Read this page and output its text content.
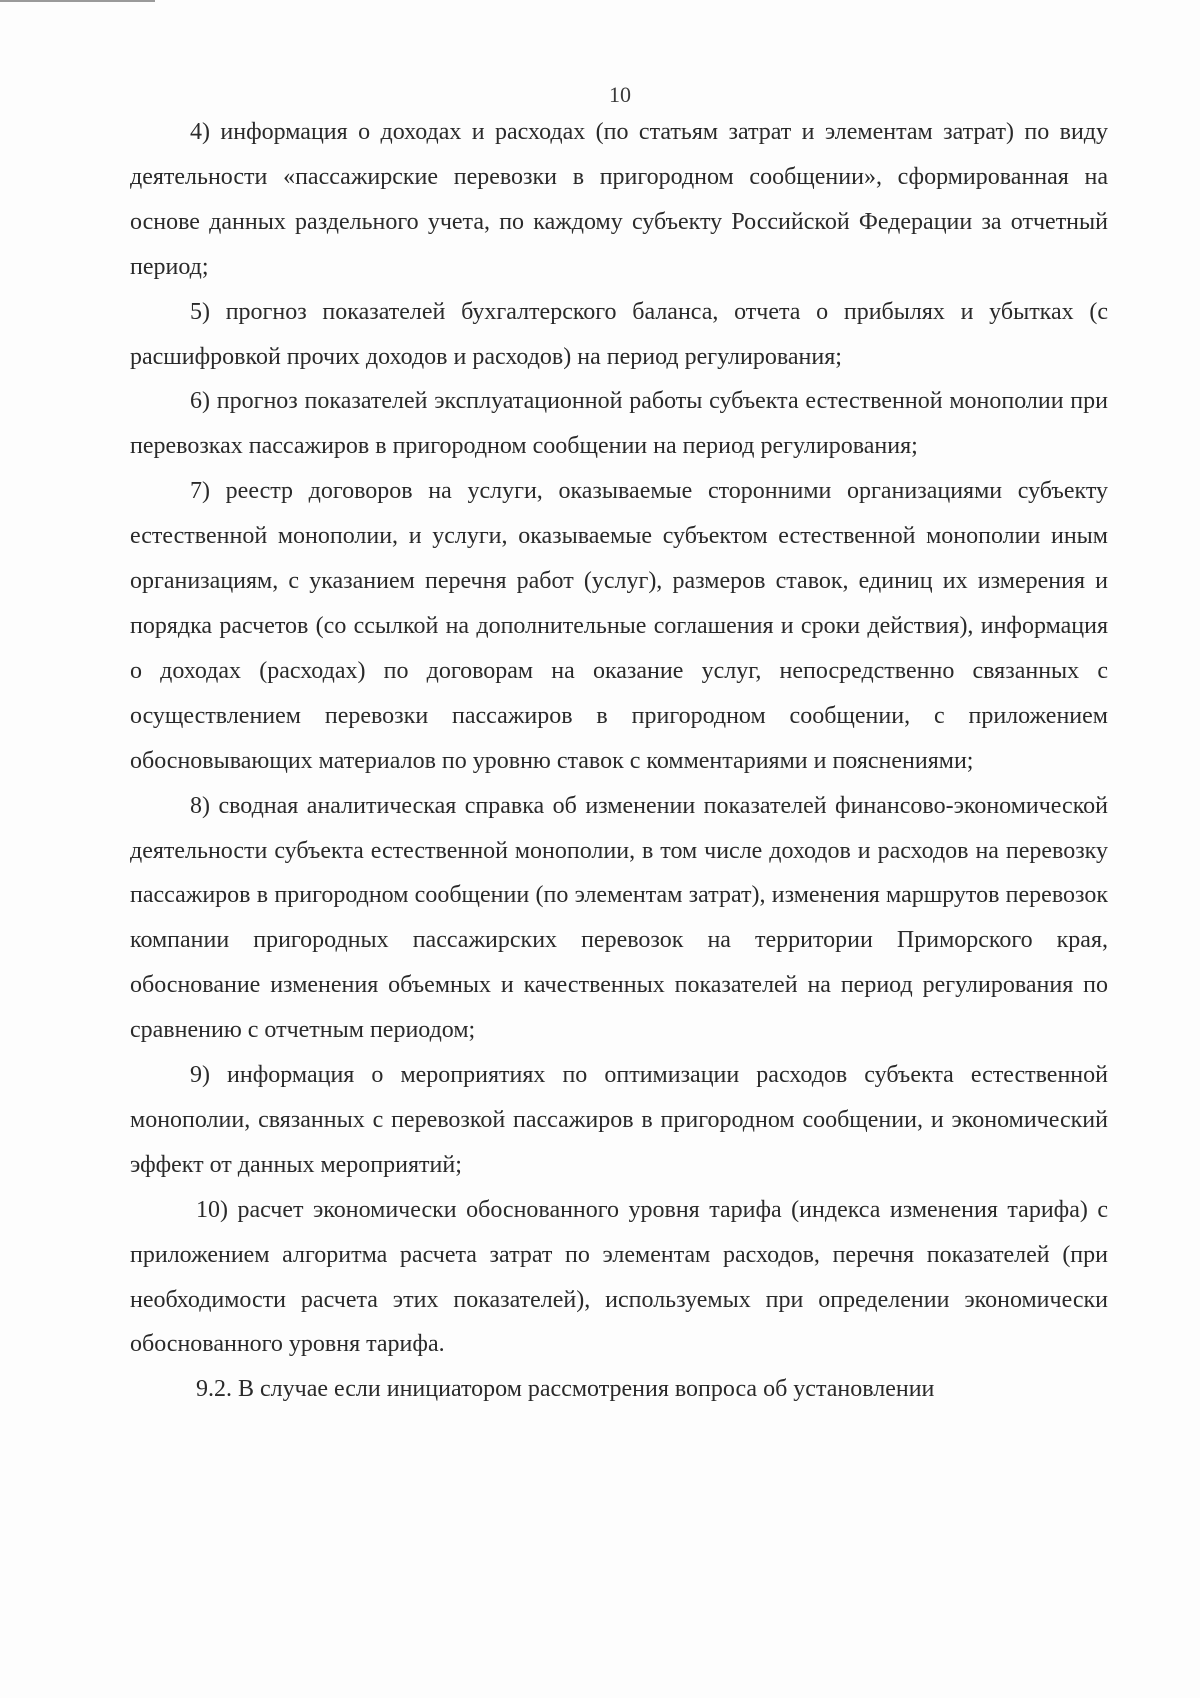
10

4) информация о доходах и расходах (по статьям затрат и элементам затрат) по виду деятельности «пассажирские перевозки в пригородном сообщении», сформированная на основе данных раздельного учета, по каждому субъекту Российской Федерации за отчетный период;

5) прогноз показателей бухгалтерского баланса, отчета о прибылях и убытках (с расшифровкой прочих доходов и расходов) на период регулирования;

6) прогноз показателей эксплуатационной работы субъекта естественной монополии при перевозках пассажиров в пригородном сообщении на период регулирования;

7) реестр договоров на услуги, оказываемые сторонними организациями субъекту естественной монополии, и услуги, оказываемые субъектом естественной монополии иным организациям, с указанием перечня работ (услуг), размеров ставок, единиц их измерения и порядка расчетов (со ссылкой на дополнительные соглашения и сроки действия), информация о доходах (расходах) по договорам на оказание услуг, непосредственно связанных с осуществлением перевозки пассажиров в пригородном сообщении, с приложением обосновывающих материалов по уровню ставок с комментариями и пояснениями;

8) сводная аналитическая справка об изменении показателей финансово-экономической деятельности субъекта естественной монополии, в том числе доходов и расходов на перевозку пассажиров в пригородном сообщении (по элементам затрат), изменения маршрутов перевозок компании пригородных пассажирских перевозок на территории Приморского края, обоснование изменения объемных и качественных показателей на период регулирования по сравнению с отчетным периодом;

9) информация о мероприятиях по оптимизации расходов субъекта естественной монополии, связанных с перевозкой пассажиров в пригородном сообщении, и экономический эффект от данных мероприятий;

10) расчет экономически обоснованного уровня тарифа (индекса изменения тарифа) с приложением алгоритма расчета затрат по элементам расходов, перечня показателей (при необходимости расчета этих показателей), используемых при определении экономически обоснованного уровня тарифа.

9.2. В случае если инициатором рассмотрения вопроса об установлении
